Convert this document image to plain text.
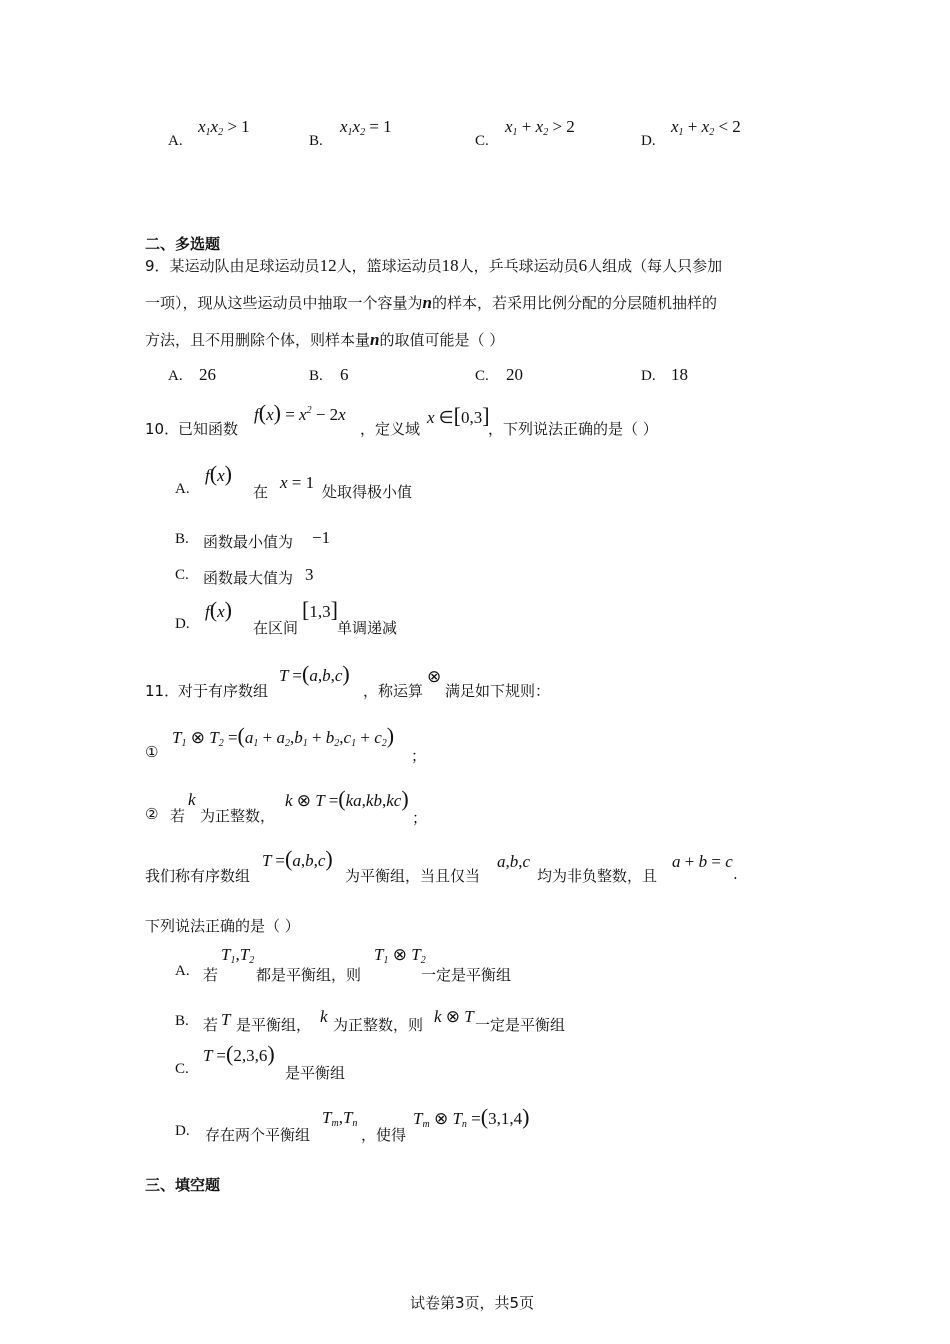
A.
$x_1x_2 > 1$
B.
$x_1x_2 = 1$
C.
$x_1 + x_2 > 2$
D.
$x_1 + x_2 < 2$
二、多选题
9．某运动队由足球运动员12人，篮球运动员18人，乒乓球运动员6人组成（每人只参加
一项），现从这些运动员中抽取一个容量为n的样本，若采用比例分配的分层随机抽样的
方法，且不用删除个体，则样本量n的取值可能是（ ）
A. 26	B. 6	C. 20	D. 18
10．
已知函数
$f(x) = x^2 - 2x$
，定义域
x ∈[0,3]
，下列说法正确的是（ ）
A.
f(x)
在 x = 1 处取得极小值
B. 函数最小值为 −1
C. 函数最大值为 3
D.
f(x)
在区间
[1,3]
单调递减
11．
对于有序数组
T =(a,b,c)
，称运算
⊗
满足如下规则：
①
$T_1$ ⊗ $T_2 =(a_1 + a_2,b_1 + b_2,c_1 + c_2)$
；
② 若
k
为正整数，
k ⊗ T =(ka,kb,kc)
；
我们称有序数组
T =(a,b,c)
为平衡组，当且仅当
a,b,c
均为非负整数，且
a + b = c
.
下列说法正确的是（ ）
A. 若
$T_1,T_2$
都是平衡组，则
$T_1$ ⊗ $T_2$
一定是平衡组
B. 若 T 是平衡组， k 为正整数，则 k ⊗ T 一定是平衡组
C.
T =(2,3,6)
是平衡组
D. 存在两个平衡组
$T_m,T_n$
，使得
$T_m$ ⊗ $T_n =(3,1,4)$
三、填空题
试卷第3页，共5页
